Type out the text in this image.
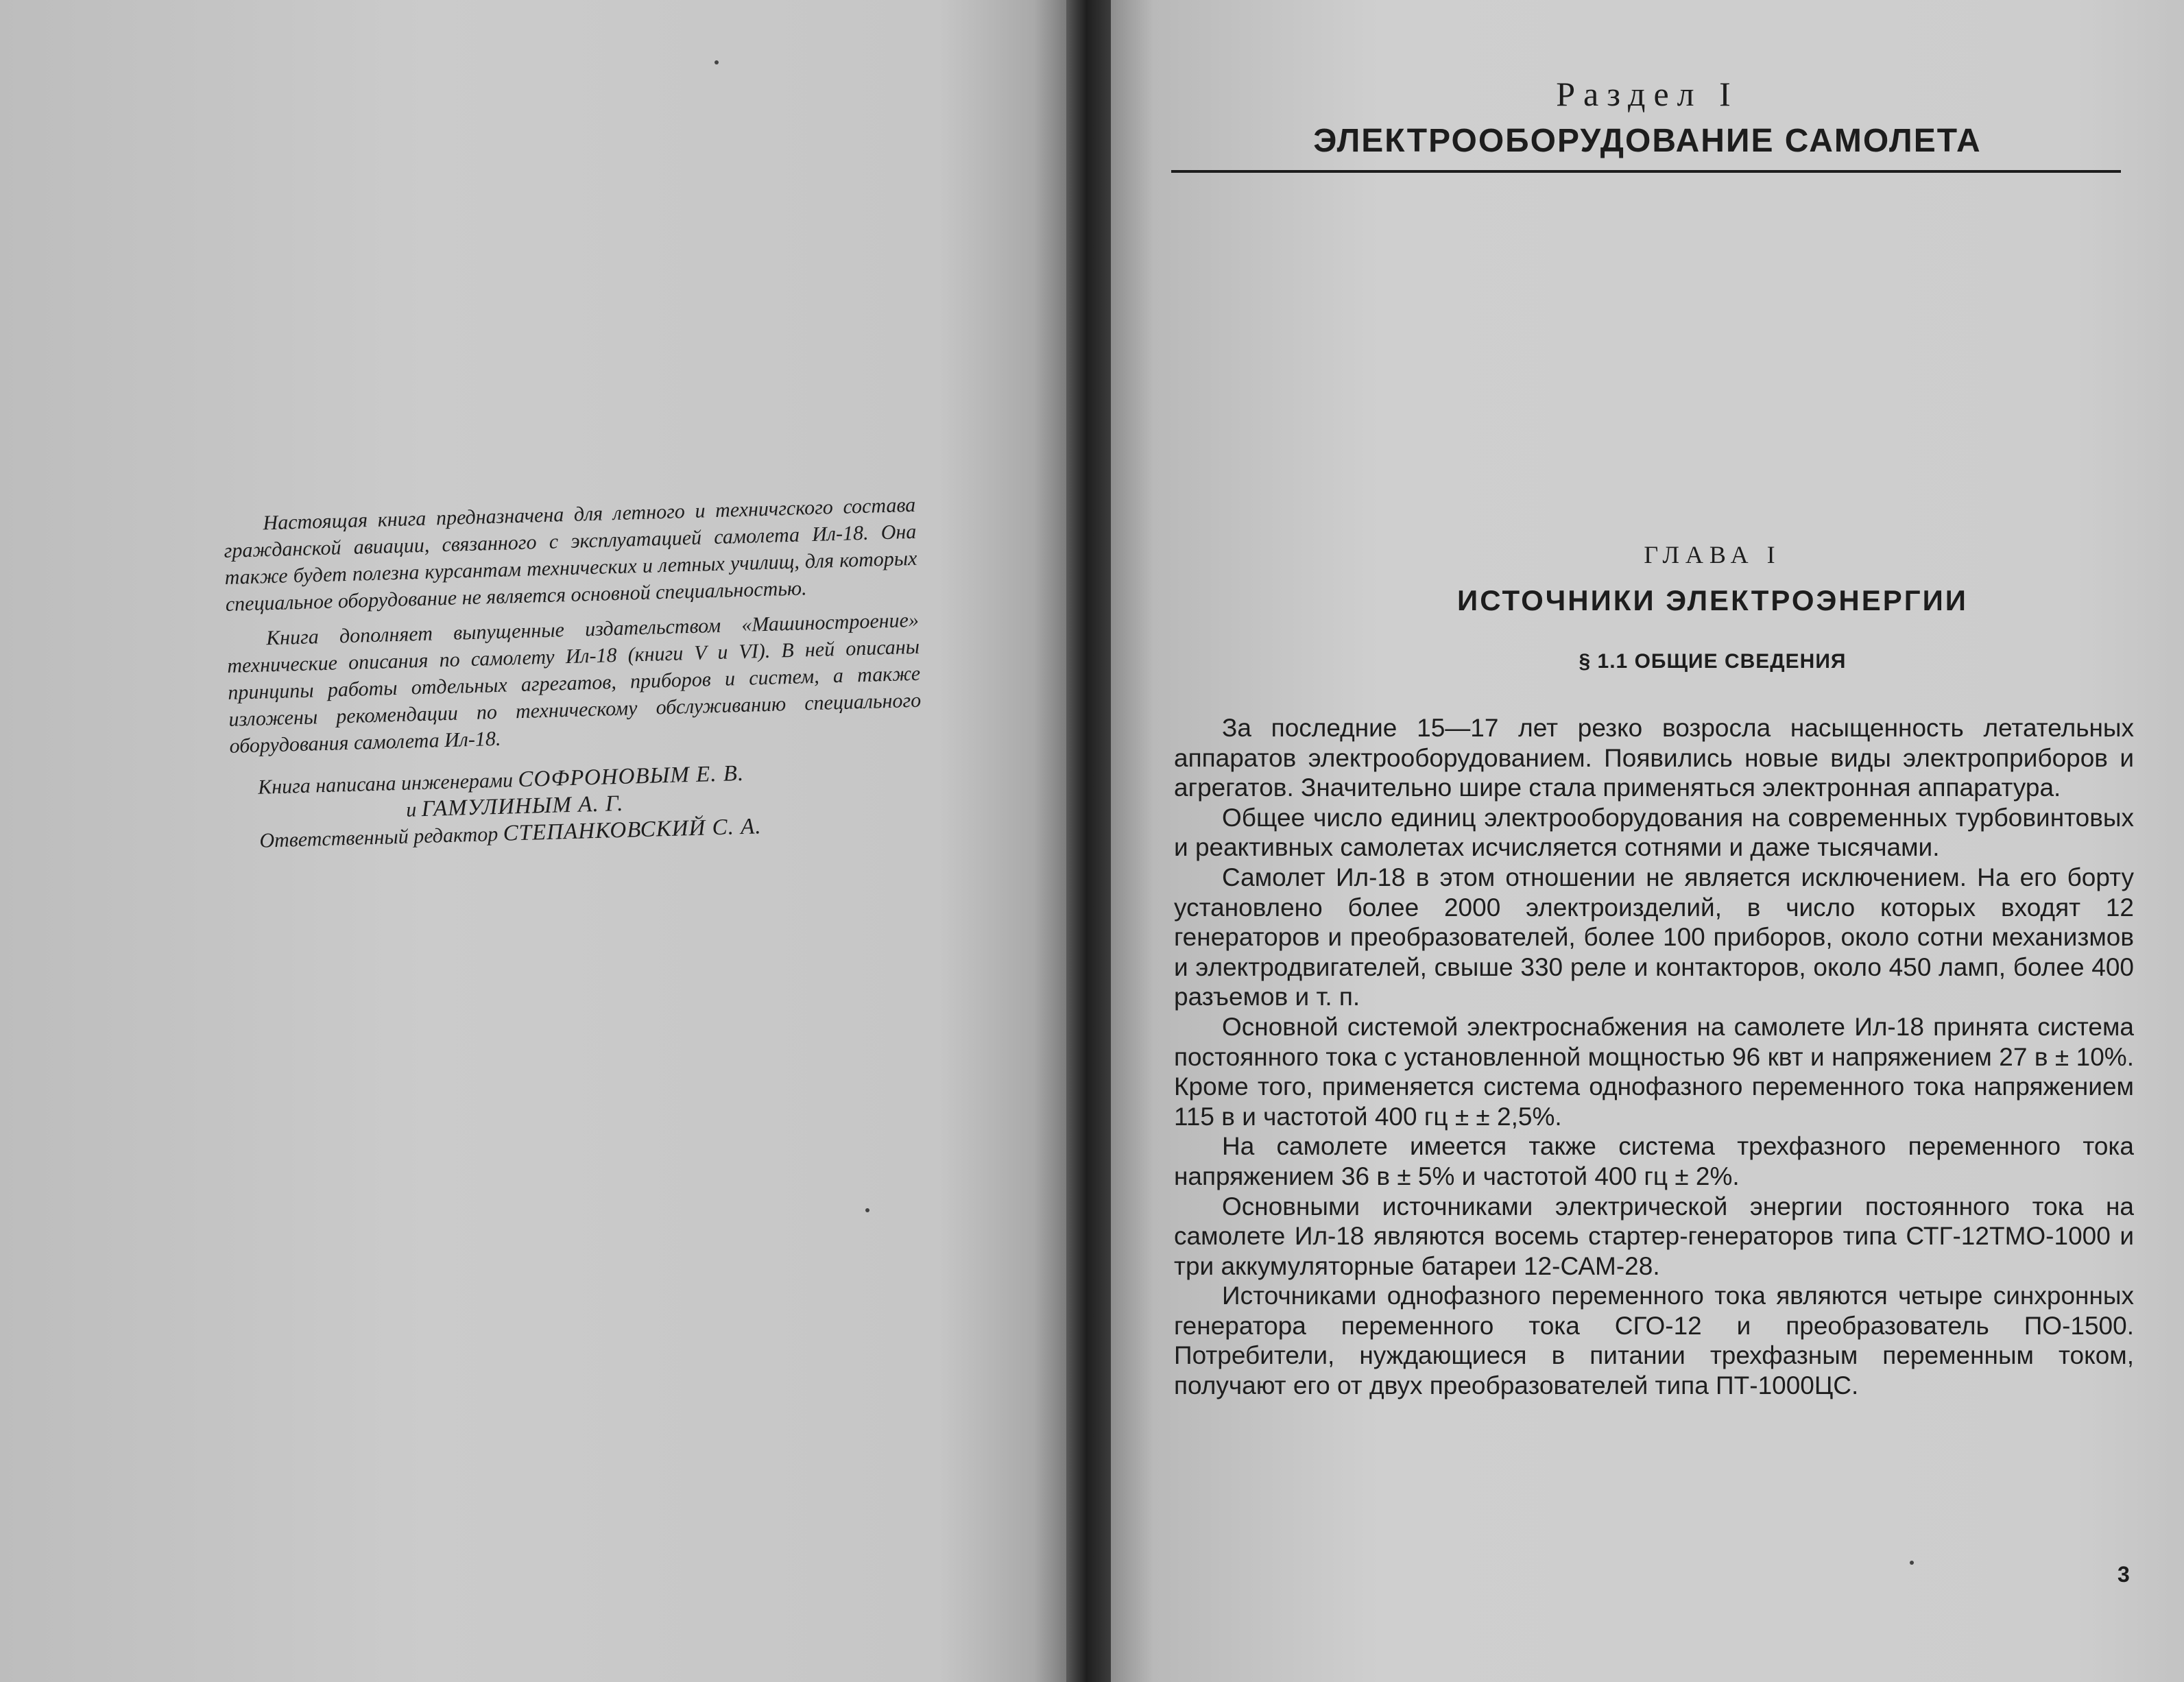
Настоящая книга предназначена для летного и техничгского состава гражданской авиации, связанного с эксплуатацией самолета Ил-18. Она также будет полезна курсантам технических и летных училищ, для которых специальное оборудование не является основной специальностью.

Книга дополняет выпущенные издательством «Машиностроение» технические описания по самолету Ил-18 (книги V и VI). В ней описаны принципы работы отдельных агрегатов, приборов и систем, а также изложены рекомендации по техническому обслуживанию специального оборудования самолета Ил-18.

Книга написана инженерами СОФРОНОВЫМ Е. В.
и ГАМУЛИНЫМ А. Г.
Ответственный редактор СТЕПАНКОВСКИЙ С. А.
Раздел I
ЭЛЕКТРООБОРУДОВАНИЕ САМОЛЕТА
ГЛАВА I
ИСТОЧНИКИ ЭЛЕКТРОЭНЕРГИИ
§ 1.1 ОБЩИЕ СВЕДЕНИЯ

За последние 15—17 лет резко возросла насыщенность летательных аппаратов электрооборудованием. Появились новые виды электроприборов и агрегатов. Значительно шире стала применяться электронная аппаратура.

Общее число единиц электрооборудования на современных турбовинтовых и реактивных самолетах исчисляется сотнями и даже тысячами.

Самолет Ил-18 в этом отношении не является исключением. На его борту установлено более 2000 электроизделий, в число которых входят 12 генераторов и преобразователей, более 100 приборов, около сотни механизмов и электродвигателей, свыше 330 реле и контакторов, около 450 ламп, более 400 разъемов и т. п.

Основной системой электроснабжения на самолете Ил-18 принята система постоянного тока с установленной мощностью 96 квт и напряжением 27 в ± 10%. Кроме того, применяется система однофазного переменного тока напряжением 115 в и частотой 400 гц ± ± 2,5%.

На самолете имеется также система трехфазного переменного тока напряжением 36 в ± 5% и частотой 400 гц ± 2%.

Основными источниками электрической энергии постоянного тока на самолете Ил-18 являются восемь стартер-генераторов типа СТГ-12ТМО-1000 и три аккумуляторные батареи 12-САМ-28.

Источниками однофазного переменного тока являются четыре синхронных генератора переменного тока СГО-12 и преобразователь ПО-1500. Потребители, нуждающиеся в питании трехфазным переменным током, получают его от двух преобразователей типа ПТ-1000ЦС.

3
